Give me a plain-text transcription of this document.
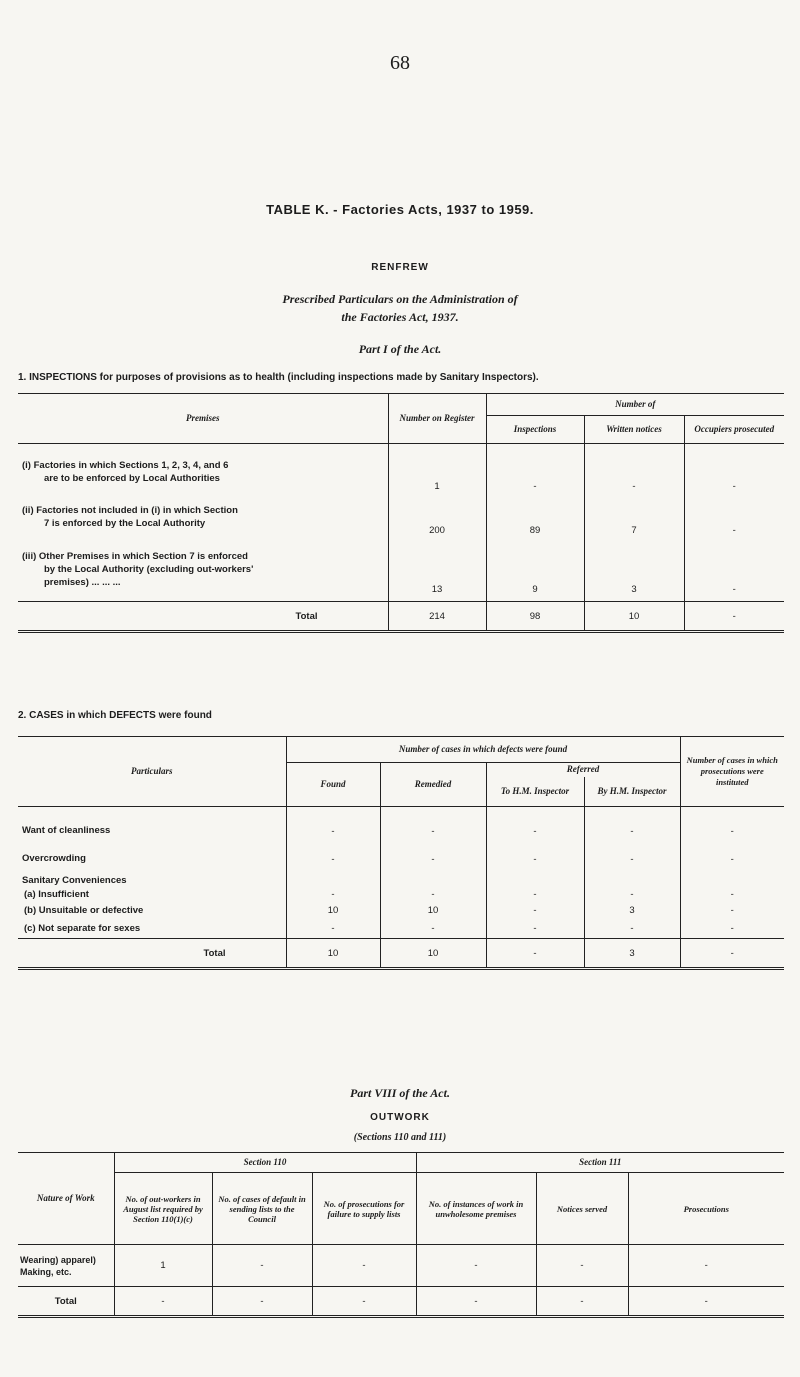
68
TABLE K. - Factories Acts, 1937 to 1959.
RENFREW
Prescribed Particulars on the Administration of
the Factories Act, 1937.
Part I of the Act.
1. INSPECTIONS for purposes of provisions as to health (including inspections made by Sanitary Inspectors).
Premises	Number on Register	Number of		
		Inspections	Written notices	Occupiers prosecuted

(i) Factories in which Sections 1, 2, 3, 4, and 6
are to be enforced by Local Authorities	1	-	-	-

(ii) Factories not included in (i) in which Section
7 is enforced by the Local Authority	200	89	7	-

(iii) Other Premises in which Section 7 is enforced
by the Local Authority (excluding out-workers'
premises) ... ... ...	13	9	3	-
Total	214	98	10	-
2. CASES in which DEFECTS were found
Particulars	Number of cases in which defects were found				Number of cases in which prosecutions were instituted
	Found	Remedied	Referred		
			To H.M. Inspector	By H.M. Inspector	
Want of cleanliness	-	-	-	-	-
Overcrowding	-	-	-	-	-
Sanitary Conveniences					
(a) Insufficient	-	-	-	-	-
(b) Unsuitable or defective	10	10	-	3	-
(c) Not separate for sexes	-	-	-	-	-
Total	10	10	-	3	-
Part VIII of the Act.
OUTWORK
(Sections 110 and 111)
Nature of Work	Section 110			Section 111		
	No. of out-workers in August list required by Section 110(1)(c)	No. of cases of default in sending lists to the Council	No. of prosecutions for failure to supply lists	No. of instances of work in unwholesome premises	Notices served	Prosecutions
Wearing) apparel) Making, etc.	1	-	-	-	-	-
Total	-	-	-	-	-	-
